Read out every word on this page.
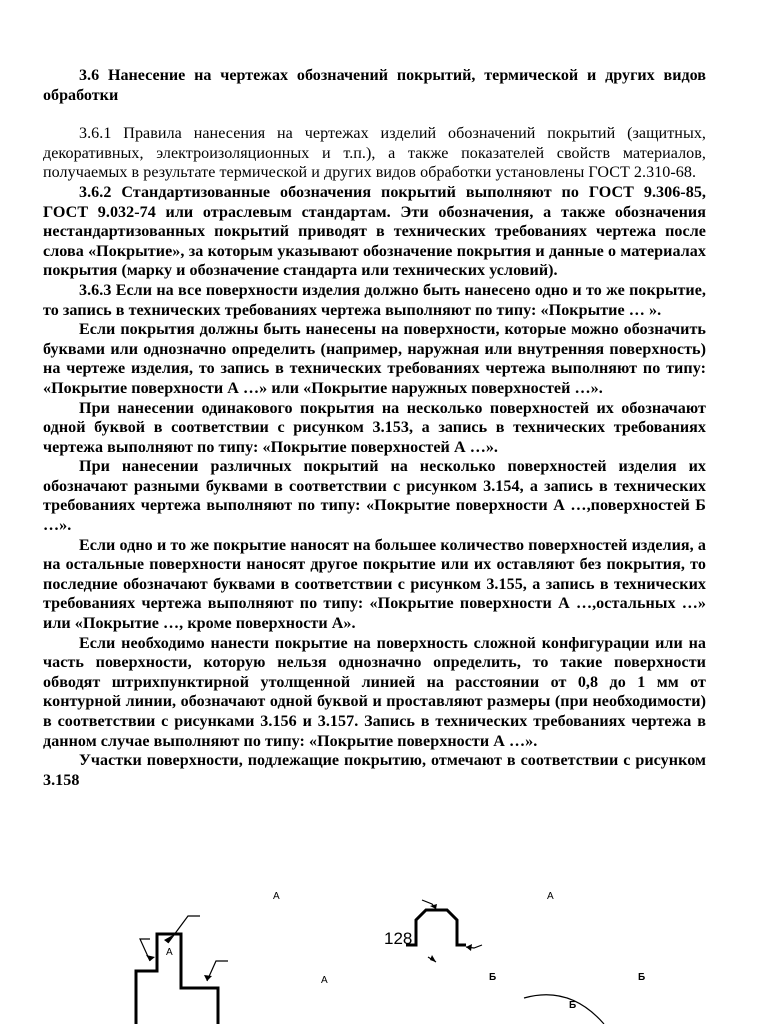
3.6 Нанесение на чертежах обозначений покрытий, термической и других видов обработки

3.6.1 Правила нанесения на чертежах изделий обозначений покрытий (защитных, декоративных, электроизоляционных и т.п.), а также показателей свойств материалов, получаемых в результате термической и других видов обработки установлены ГОСТ 2.310-68.

3.6.2 Стандартизованные обозначения покрытий выполняют по ГОСТ 9.306-85, ГОСТ 9.032-74 или отраслевым стандартам. Эти обозначения, а также обозначения нестандартизованных покрытий приводят в технических требованиях чертежа после слова «Покрытие», за которым указывают обозначение покрытия и данные о материалах покрытия (марку и обозначение стандарта или технических условий).

3.6.3 Если на все поверхности изделия должно быть нанесено одно и то же покрытие, то запись в технических требованиях чертежа выполняют по типу: «Покрытие … ».

Если покрытия должны быть нанесены на поверхности, которые можно обозначить буквами или однозначно определить (например, наружная или внутренняя поверхность) на чертеже изделия, то запись в технических требованиях чертежа выполняют по типу: «Покрытие поверхности А …» или «Покрытие наружных поверхностей …».

При нанесении одинакового покрытия на несколько поверхностей их обозначают одной буквой в соответствии с рисунком 3.153, а запись в технических требованиях чертежа выполняют по типу: «Покрытие поверхностей А …».

При нанесении различных покрытий на несколько поверхностей изделия их обозначают разными буквами в соответствии с рисунком 3.154, а запись в технических требованиях чертежа выполняют по типу: «Покрытие поверхности А …,поверхностей Б …».

Если одно и то же покрытие наносят на большее количество поверхностей изделия, а на остальные поверхности наносят другое покрытие или их оставляют без покрытия, то последние обозначают буквами в соответствии с рисунком 3.155, а запись в технических требованиях чертежа выполняют по типу: «Покрытие поверхности А …,остальных …» или «Покрытие …, кроме поверхности А».

Если необходимо нанести покрытие на поверхность сложной конфигурации или на часть поверхности, которую нельзя однозначно определить, то такие поверхности обводят штрихпунктирной утолщенной линией на расстоянии от 0,8 до 1 мм от контурной линии, обозначают одной буквой и проставляют размеры (при необходимости) в соответствии с рисунками 3.156 и 3.157. Запись в технических требованиях чертежа в данном случае выполняют по типу: «Покрытие поверхности А …».

Участки поверхности, подлежащие покрытию, отмечают в соответствии с рисунком 3.158

А
А
А
А
Б	Б
Б
128
